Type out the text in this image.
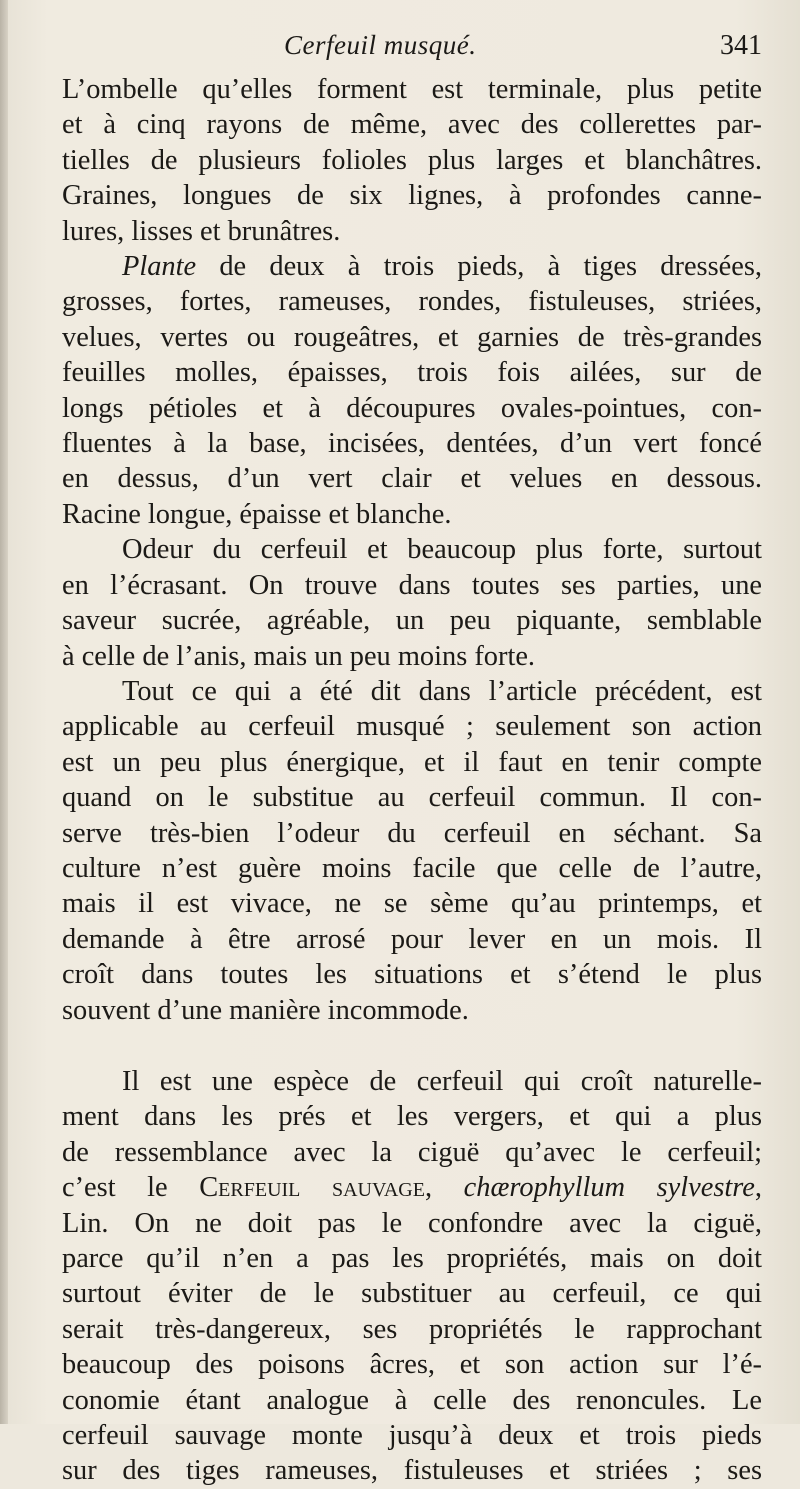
Cerfeuil musqué.	341
L’ombelle qu’elles forment est terminale, plus petite
et à cinq rayons de même, avec des collerettes par-
tielles de plusieurs folioles plus larges et blanchâtres.
Graines, longues de six lignes, à profondes canne-
lures, lisses et brunâtres.
Plante de deux à trois pieds, à tiges dressées,
grosses, fortes, rameuses, rondes, fistuleuses, striées,
velues, vertes ou rougeâtres, et garnies de très-grandes
feuilles molles, épaisses, trois fois ailées, sur de
longs pétioles et à découpures ovales-pointues, con-
fluentes à la base, incisées, dentées, d’un vert foncé
en dessus, d’un vert clair et velues en dessous.
Racine longue, épaisse et blanche.
Odeur du cerfeuil et beaucoup plus forte, surtout
en l’écrasant. On trouve dans toutes ses parties, une
saveur sucrée, agréable, un peu piquante, semblable
à celle de l’anis, mais un peu moins forte.
Tout ce qui a été dit dans l’article précédent, est
applicable au cerfeuil musqué ; seulement son action
est un peu plus énergique, et il faut en tenir compte
quand on le substitue au cerfeuil commun. Il con-
serve très-bien l’odeur du cerfeuil en séchant. Sa
culture n’est guère moins facile que celle de l’autre,
mais il est vivace, ne se sème qu’au printemps, et
demande à être arrosé pour lever en un mois. Il
croît dans toutes les situations et s’étend le plus
souvent d’une manière incommode.
Il est une espèce de cerfeuil qui croît naturelle-
ment dans les prés et les vergers, et qui a plus
de ressemblance avec la ciguë qu’avec le cerfeuil;
c’est le Cerfeuil sauvage, chærophyllum sylvestre,
Lin. On ne doit pas le confondre avec la ciguë,
parce qu’il n’en a pas les propriétés, mais on doit
surtout éviter de le substituer au cerfeuil, ce qui
serait très-dangereux, ses propriétés le rapprochant
beaucoup des poisons âcres, et son action sur l’é-
conomie étant analogue à celle des renoncules. Le
cerfeuil sauvage monte jusqu’à deux et trois pieds
sur des tiges rameuses, fistuleuses et striées ; ses
